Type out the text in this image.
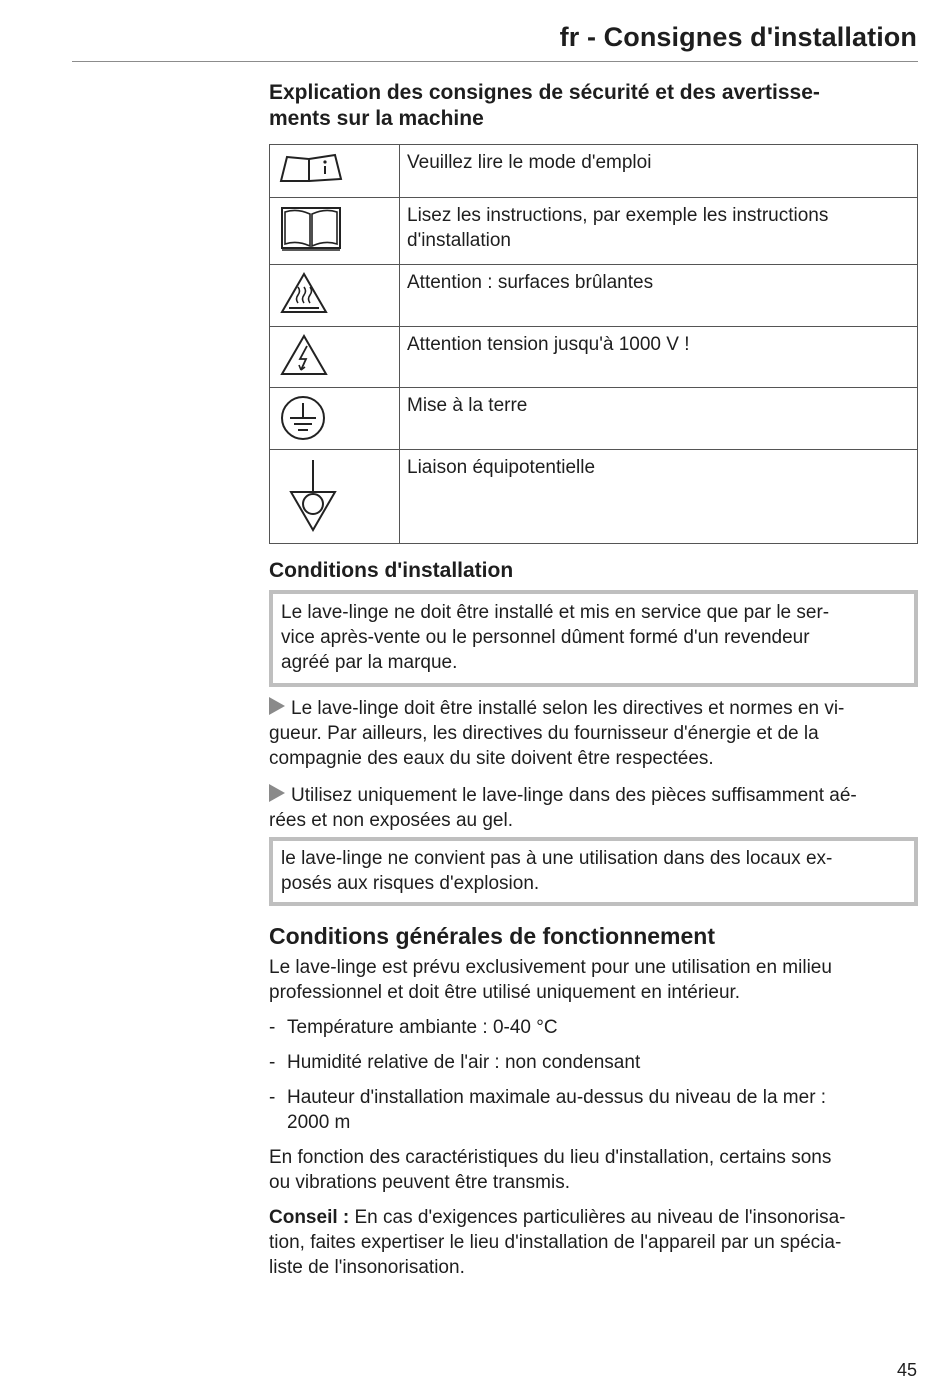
fr - Consignes d'installation
Explication des consignes de sécurité et des avertisse-
ments sur la machine
	Veuillez lire le mode d'emploi

	Lisez les instructions, par exemple les instructions d'installation

	Attention : surfaces brûlantes

	Attention tension jusqu'à 1000 V !

	Mise à la terre

	Liaison équipotentielle
Conditions d'installation
Le lave-linge ne doit être installé et mis en service que par le ser-
vice après-vente ou le personnel dûment formé d'un revendeur
agréé par la marque.

Le lave-linge doit être installé selon les directives et normes en vi-
gueur. Par ailleurs, les directives du fournisseur d'énergie et de la
compagnie des eaux du site doivent être respectées.

Utilisez uniquement le lave-linge dans des pièces suffisamment aé-
rées et non exposées au gel.

le lave-linge ne convient pas à une utilisation dans des locaux ex-
posés aux risques d'explosion.
Conditions générales de fonctionnement

Le lave-linge est prévu exclusivement pour une utilisation en milieu
professionnel et doit être utilisé uniquement en intérieur.

- Température ambiante : 0-40 °C
- Humidité relative de l'air : non condensant
- Hauteur d'installation maximale au-dessus du niveau de la mer :
2000 m

En fonction des caractéristiques du lieu d'installation, certains sons
ou vibrations peuvent être transmis.

Conseil : En cas d'exigences particulières au niveau de l'insonorisa-
tion, faites expertiser le lieu d'installation de l'appareil par un spécia-
liste de l'insonorisation.

45
